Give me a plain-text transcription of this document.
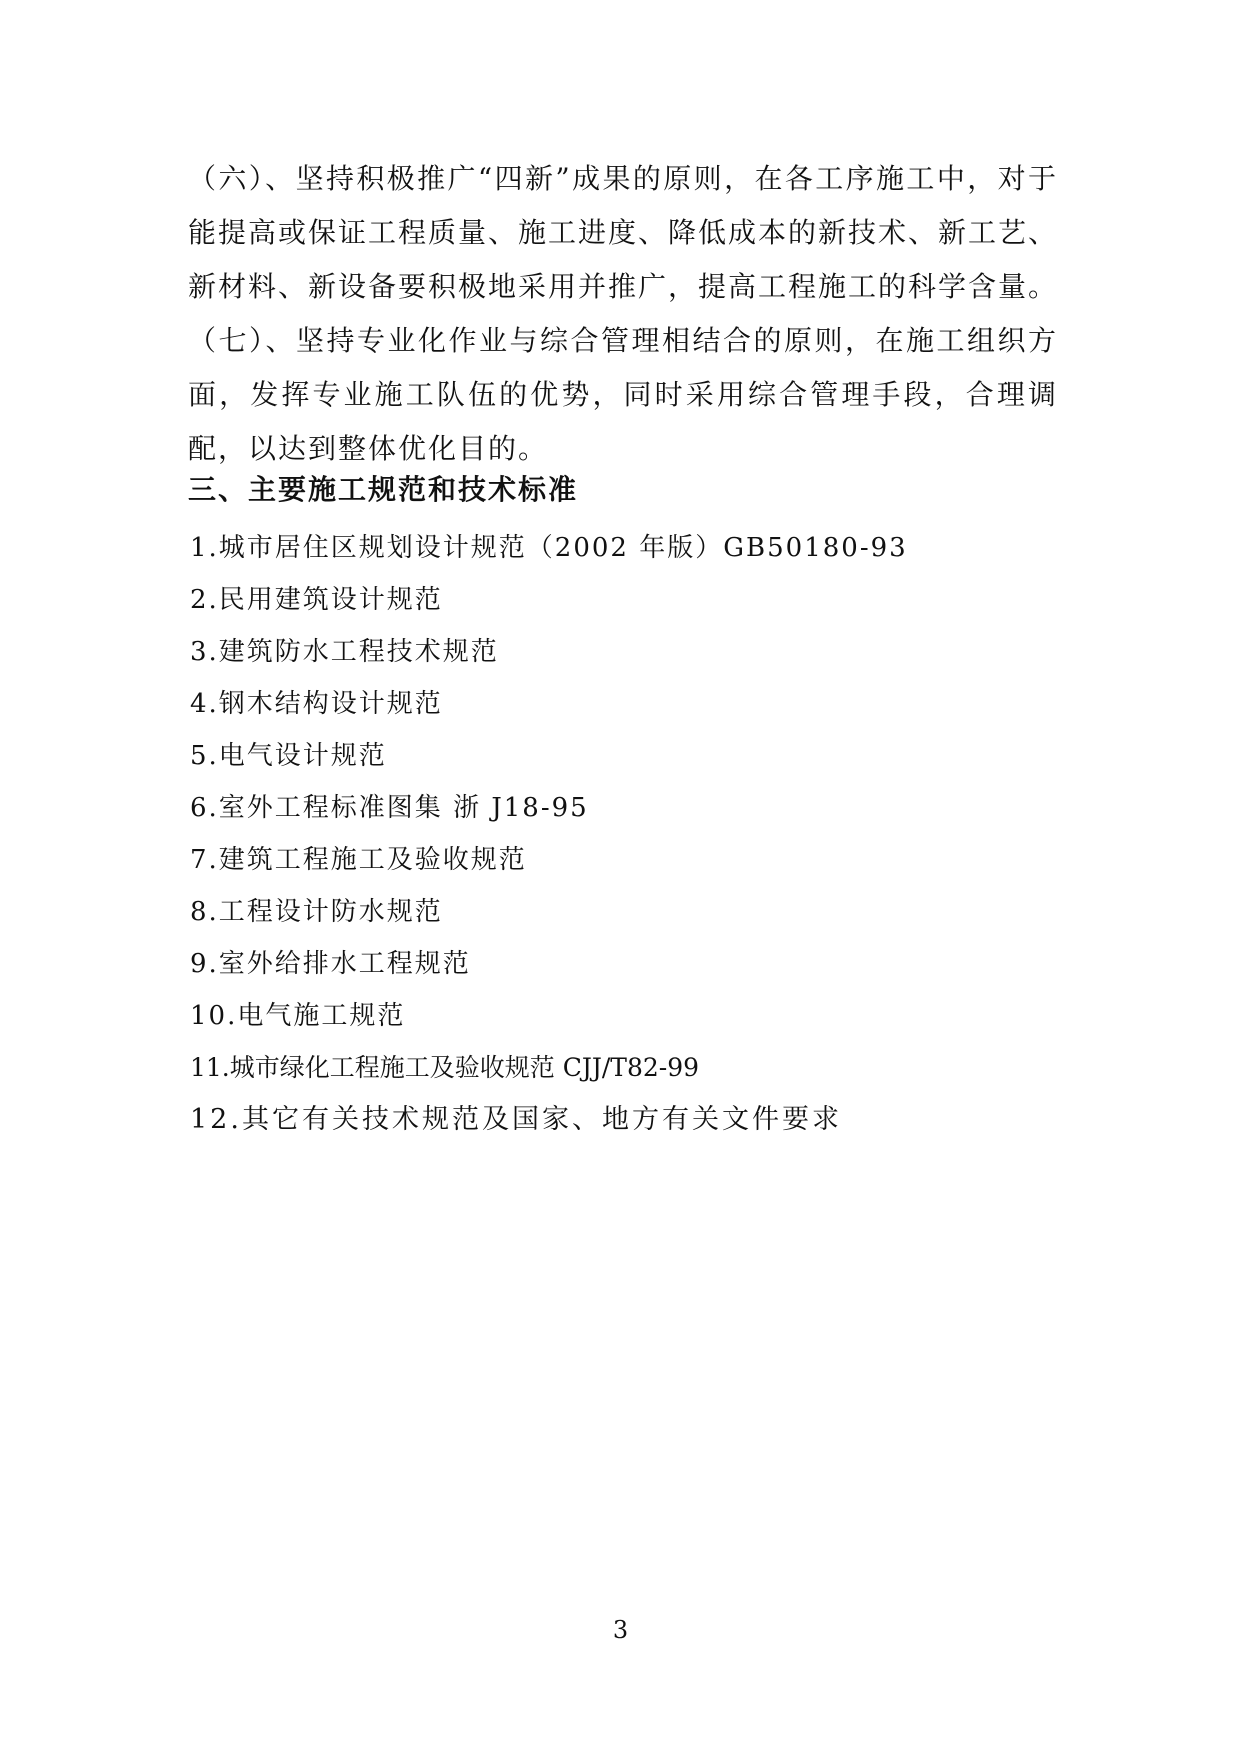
（六）、坚持积极推广“四新”成果的原则，在各工序施工中，对于能提高或保证工程质量、施工进度、降低成本的新技术、新工艺、新材料、新设备要积极地采用并推广，提高工程施工的科学含量。

（七）、坚持专业化作业与综合管理相结合的原则，在施工组织方面，发挥专业施工队伍的优势，同时采用综合管理手段，合理调配，以达到整体优化目的。

三、主要施工规范和技术标准
1.城市居住区规划设计规范（2002 年版）GB50180-93
2.民用建筑设计规范
3.建筑防水工程技术规范
4.钢木结构设计规范
5.电气设计规范
6.室外工程标准图集 浙 J18-95
7.建筑工程施工及验收规范
8.工程设计防水规范
9.室外给排水工程规范
10.电气施工规范
11.城市绿化工程施工及验收规范 CJJ/T82-99
12.其它有关技术规范及国家、地方有关文件要求
3
